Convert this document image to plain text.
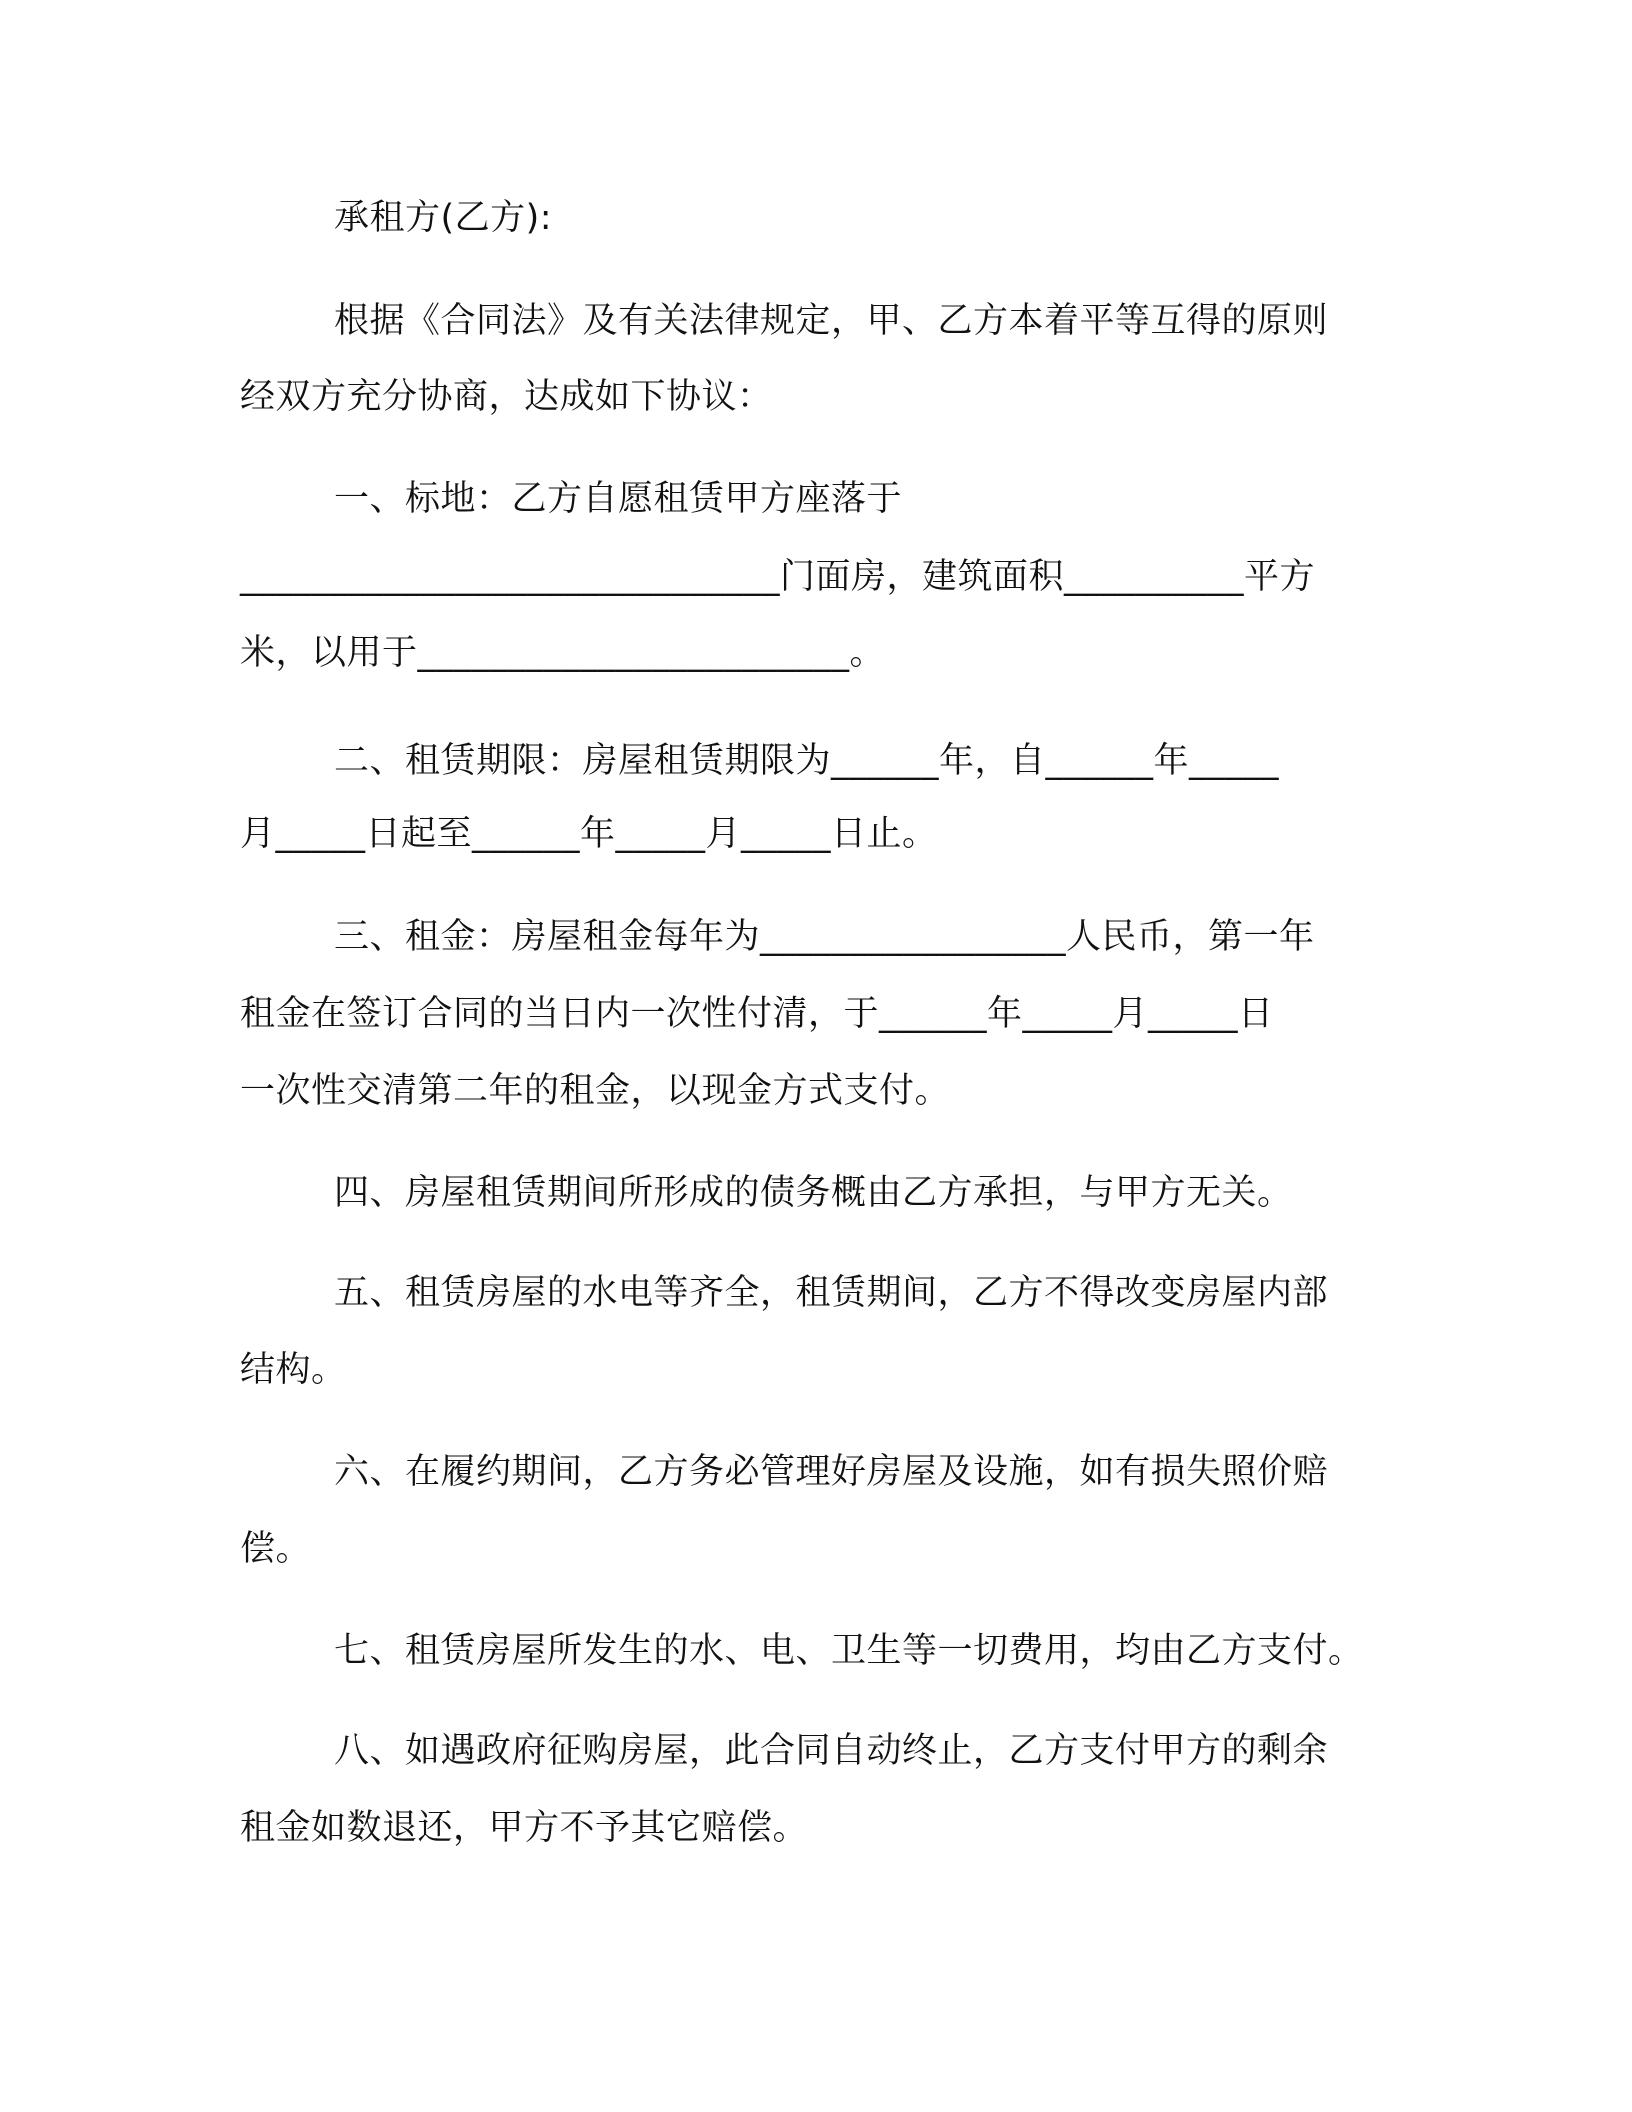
承租方(乙方):
根据《合同法》及有关法律规定，甲、乙方本着平等互得的原则
经双方充分协商，达成如下协议：
一、标地：乙方自愿租赁甲方座落于
______________________________门面房，建筑面积__________平方
米，以用于________________________。
二、租赁期限：房屋租赁期限为______年，自______年_____
月_____日起至______年_____月_____日止。
三、租金：房屋租金每年为_________________人民币，第一年
租金在签订合同的当日内一次性付清，于______年_____月_____日
一次性交清第二年的租金，以现金方式支付。
四、房屋租赁期间所形成的债务概由乙方承担，与甲方无关。
五、租赁房屋的水电等齐全，租赁期间，乙方不得改变房屋内部
结构。
六、在履约期间，乙方务必管理好房屋及设施，如有损失照价赔
偿。
七、租赁房屋所发生的水、电、卫生等一切费用，均由乙方支付。
八、如遇政府征购房屋，此合同自动终止，乙方支付甲方的剩余
租金如数退还，甲方不予其它赔偿。
